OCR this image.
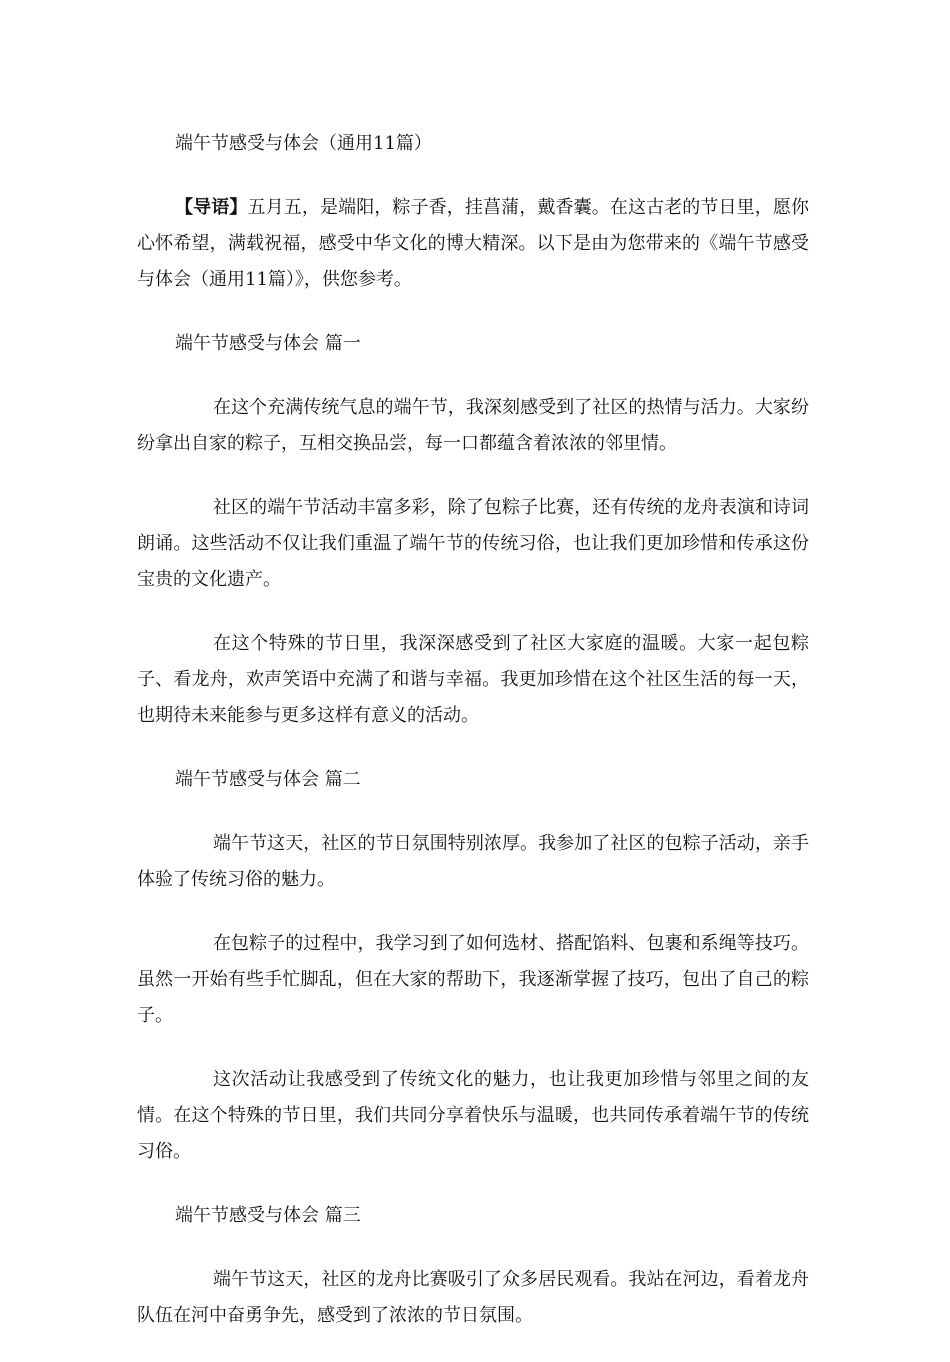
端午节感受与体会（通用11篇）

【导语】五月五，是端阳，粽子香，挂菖蒲，戴香囊。在这古老的节日里，愿你心怀希望，满载祝福，感受中华文化的博大精深。以下是由为您带来的《端午节感受与体会（通用11篇）》，供您参考。

端午节感受与体会 篇一

在这个充满传统气息的端午节，我深刻感受到了社区的热情与活力。大家纷纷拿出自家的粽子，互相交换品尝，每一口都蕴含着浓浓的邻里情。

社区的端午节活动丰富多彩，除了包粽子比赛，还有传统的龙舟表演和诗词朗诵。这些活动不仅让我们重温了端午节的传统习俗，也让我们更加珍惜和传承这份宝贵的文化遗产。

在这个特殊的节日里，我深深感受到了社区大家庭的温暖。大家一起包粽子、看龙舟，欢声笑语中充满了和谐与幸福。我更加珍惜在这个社区生活的每一天，也期待未来能参与更多这样有意义的活动。

端午节感受与体会 篇二

端午节这天，社区的节日氛围特别浓厚。我参加了社区的包粽子活动，亲手体验了传统习俗的魅力。

在包粽子的过程中，我学习到了如何选材、搭配馅料、包裹和系绳等技巧。虽然一开始有些手忙脚乱，但在大家的帮助下，我逐渐掌握了技巧，包出了自己的粽子。

这次活动让我感受到了传统文化的魅力，也让我更加珍惜与邻里之间的友情。在这个特殊的节日里，我们共同分享着快乐与温暖，也共同传承着端午节的传统习俗。

端午节感受与体会 篇三

端午节这天，社区的龙舟比赛吸引了众多居民观看。我站在河边，看着龙舟队伍在河中奋勇争先，感受到了浓浓的节日氛围。
